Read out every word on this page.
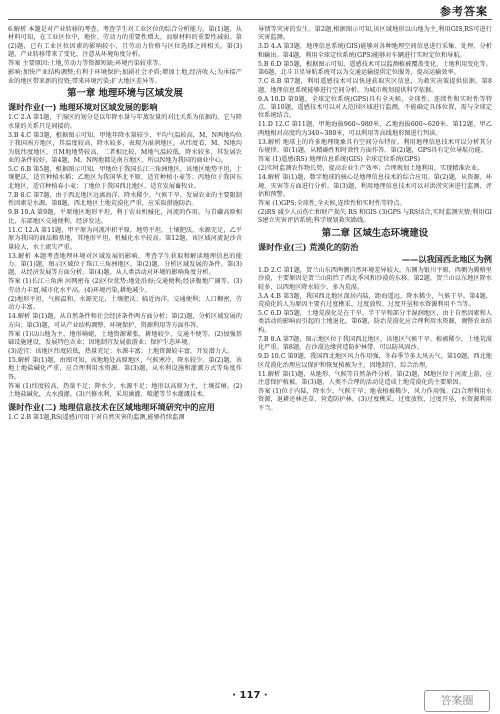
参考答案
6.解析 本题是对产业转移的考查。考查学生对工业区位的综合分析能力。第(1)题，从材料可知，在工业区位中，地价、劳动力的重要性增大，而原材料的重要性减弱。第(2)题，已有工业区位因素的影响较小，且劳动力价格与区位选择之间相关。第(3)题，产业转移带来了变化，注意从环境角度分析。
答案 主要原因:土地,劳动力等资源短缺;环境污染较重等。
影响:加快产业结构调整;有利于环境保护;加剧社会矛盾;增加土地,经济收入;为承接产业的地区带来新的投资;带来环境污染;扩大地区差异等。
第一章 地理环境与区域发展
课时作业(一) 地理环境对区域发展的影响
1.C 2.A 第1题，干湿区的划分是以年降水量与年蒸发量的对比关系为依据的，它与降水量的关系只是间接的。
3.B 4.C 第3题，根据图示可知，甲地年降水量较少，平均气温较高，M、N两地均位于我国南方地区，其温度较高，降水较多，表现为湿润地区。从纬度看，M、N地均为低纬度地区，且M地地势较高，二者相比较，M地气温较低，降水较多，其发展农业的条件较好。第4题，M、N两地都是南方地区，所以N地为我国的商业中心。
5.C 6.B 第5题，根据图示可知，甲地位于我国长江三角洲地区，该地区地势平坦，土壤肥沃，适宜种植水稻；乙地区为我国华北平原，适宜种植小麦等；丙地位于我国东北地区，适宜种植春小麦；丁地位于我国西北地区，适宜发展畜牧业。
7.B 8.C 第7题，由于西北地区远离海洋，降水稀少，气候干旱，发展农业的主要限制性因素是水源。第8题，西北地区土地荒漠化严重，应采取措施防治。
9.B 10.A 第9题，平原地区地形平坦，利于农业机械化，河流的作用。与青藏高原相比，东部地区交通便利，经济发达。
11.C 12.A 第11题，甲平原为河流冲积平原，地势平坦，土壤肥沃，水源充足，乙平原为我国的商品粮基地，其地形平坦，机械化水平较高。第12题，该区域河流泥沙含量较大，水土流失严重。
13.解析 本题考查地理环境对区域发展的影响，考查学生获取和解读地理信息的能力。第(1)题，图示区域位于珠江三角洲地区，第(2)题，分析区域发展的条件。第(3)题，从经济发展等方面分析。第(4)题，从人类活动对环境的影响角度分析。
答案 (1)长江三角洲 河网密布 (2)区位优势:地处沿海;交通便利;经济腹地广阔等。(3)劳动力丰富,城市化水平高。(4)环境污染,耕地减少。
(2)地形平坦，气候温和，水源充足，土壤肥沃；临近海洋，交通便利；人口稠密，劳动力丰富。
14.解析 第(1)题，从自然条件和社会经济条件两方面分析；第(2)题，分析区域发展的方向；第(3)题，可从产业结构调整、环境保护、资源利用等方面作答。
答案 (1)以山地为主，地形崎岖，土地资源紧张，耕地较少，交通不便等。(2)加强基础设施建设，发展特色农业；因地制宜发展旅游业；保护生态环境。
(3)适宜：该地区纬度较低，热量充足；水源丰富；土地资源较丰富，开发潜力大。
15.解析 第(1)题，由图可知，该地地处高原地区，气候寒冷，降水较少。第(2)题，该地土地盐碱化严重，应合理利用水资源。第(3)题，从水利设施和灌溉方式等角度作答。
答案 (1)纬度较高，热量不足；降水少，水源不足；地形以高原为主，土壤贫瘠。(2)土地盐碱化，大水漫灌。(3)兴修水利，采用滴灌、喷灌等节水灌溉技术。
课时作业(二) 地理信息技术在区域地理环境研究中的应用
1.C 2.B 第1题,RS(遥感)可用于对自然灾害的监测,能够持续监测
导情等灾害的发生。第2题,根据图示可知,该区域地形以山地为主,利用GIS,RS可进行灾害监测。
3.D 4.A 第3题，地理信息系统(GIS)能够对各种地理空间信息进行采集、处理、分析和输出。第4题，利用全球定位系统(GPS)能够对车辆进行实时定位和导航。
5.B 6.D 第5题，根据图示可知，遥感技术可以监测植被覆盖变化、土地利用变化等。第6题，北斗卫星导航系统可以为交通运输提供定位服务，提高运输效率。
7.C 8.B 第7题，利用遥感技术可以快速获取灾区信息，为救灾决策提供依据。第8题，地理信息系统能够进行空间分析，为城市规划提供科学依据。
9.A 10.D 第9题，全球定位系统(GPS)具有全天候、全球性、连续性和实时性等特点。第10题，遥感技术可以对大范围区域进行监测，不能确定具体位置，需与全球定位系统结合。
11.D 12.C 第11题，甲地海拔960~980米，乙地海拔600~620米。第12题，甲乙两地相对高度约为340~380米，可以利用等高线地形图进行判读。
13.解析 地球上的许多地理现象具有空间分布特征，利用地理信息技术可以分析其分布规律。第(1)题，从精确性和时效性方面作答。第(2)题，GPS具有定位导航功能。
答案 (1)遥感(RS) 地理信息系统(GIS) 全球定位系统(GPS)
(2)实时监测农作物长势，提高农业生产效率；合理规划土地利用，实现精准农业。
14.解析 第(1)题，数字地球的核心是地理信息技术的综合应用。第(2)题，从资源、环境、灾害等方面进行分析。第(3)题，利用地理信息技术可以对洪涝灾害进行监测、评估和预警。
答案 (1)GPS;全球性,全天候,连续性和实时性等特点。
(2)RS 减少人员伤亡和财产损失 RS 和GIS (3)GPS 与RS结合,实时监测灾情;利用GIS建立灾害评估系统;科学规划救灾路线。
第二章 区域生态环境建设
课时作业(三) 荒漠化的防治
——以我国西北地区为例
1.D 2.C 第1题，贺兰山东西两侧自然环境差异较大，东侧为银川平原，西侧为腾格里沙漠，主要原因是贺兰山阻挡了西北季风和沙漠的东移。第2题，贺兰山以东地区降水较多，以西地区降水较少，多为荒漠。
3.A 4.B 第3题，我国西北地区深居内陆，距海遥远，降水稀少，气候干旱。第4题，荒漠化的人为原因主要有过度樵采、过度放牧、过度开垦和水资源利用不当等。
5.C 6.D 第5题，土地荒漠化是在干旱、半干旱和部分半湿润地区，由于自然因素和人类活动的影响而引起的土地退化。第6题，防治荒漠化应合理利用水资源，调整农业结构。
7.B 8.A 第7题，图示地区位于我国西北地区，该地区气候干旱，植被稀少，土地荒漠化严重。第8题，在沙漠边缘营造防护林带，可以防风固沙。
9.D 10.C 第9题，我国西北地区风力作用强，冬春季节多大风天气。第10题，西北地区荒漠化治理应以保护和恢复植被为主，因地制宜，综合治理。
11.解析 第(1)题，从地形、气候等自然条件分析。第(2)题，M地区位于河流上游，应注意保护植被。第(3)题，人类不合理的活动是造成土地荒漠化的主要原因。
答案 (1)位于内陆，降水少，气候干旱；地表植被稀少，风力作用强。(2)合理利用水资源，退耕还林还草，营造防护林。(3)过度樵采，过度放牧，过度开垦，水资源利用不当。
· 117 ·	答案圈
